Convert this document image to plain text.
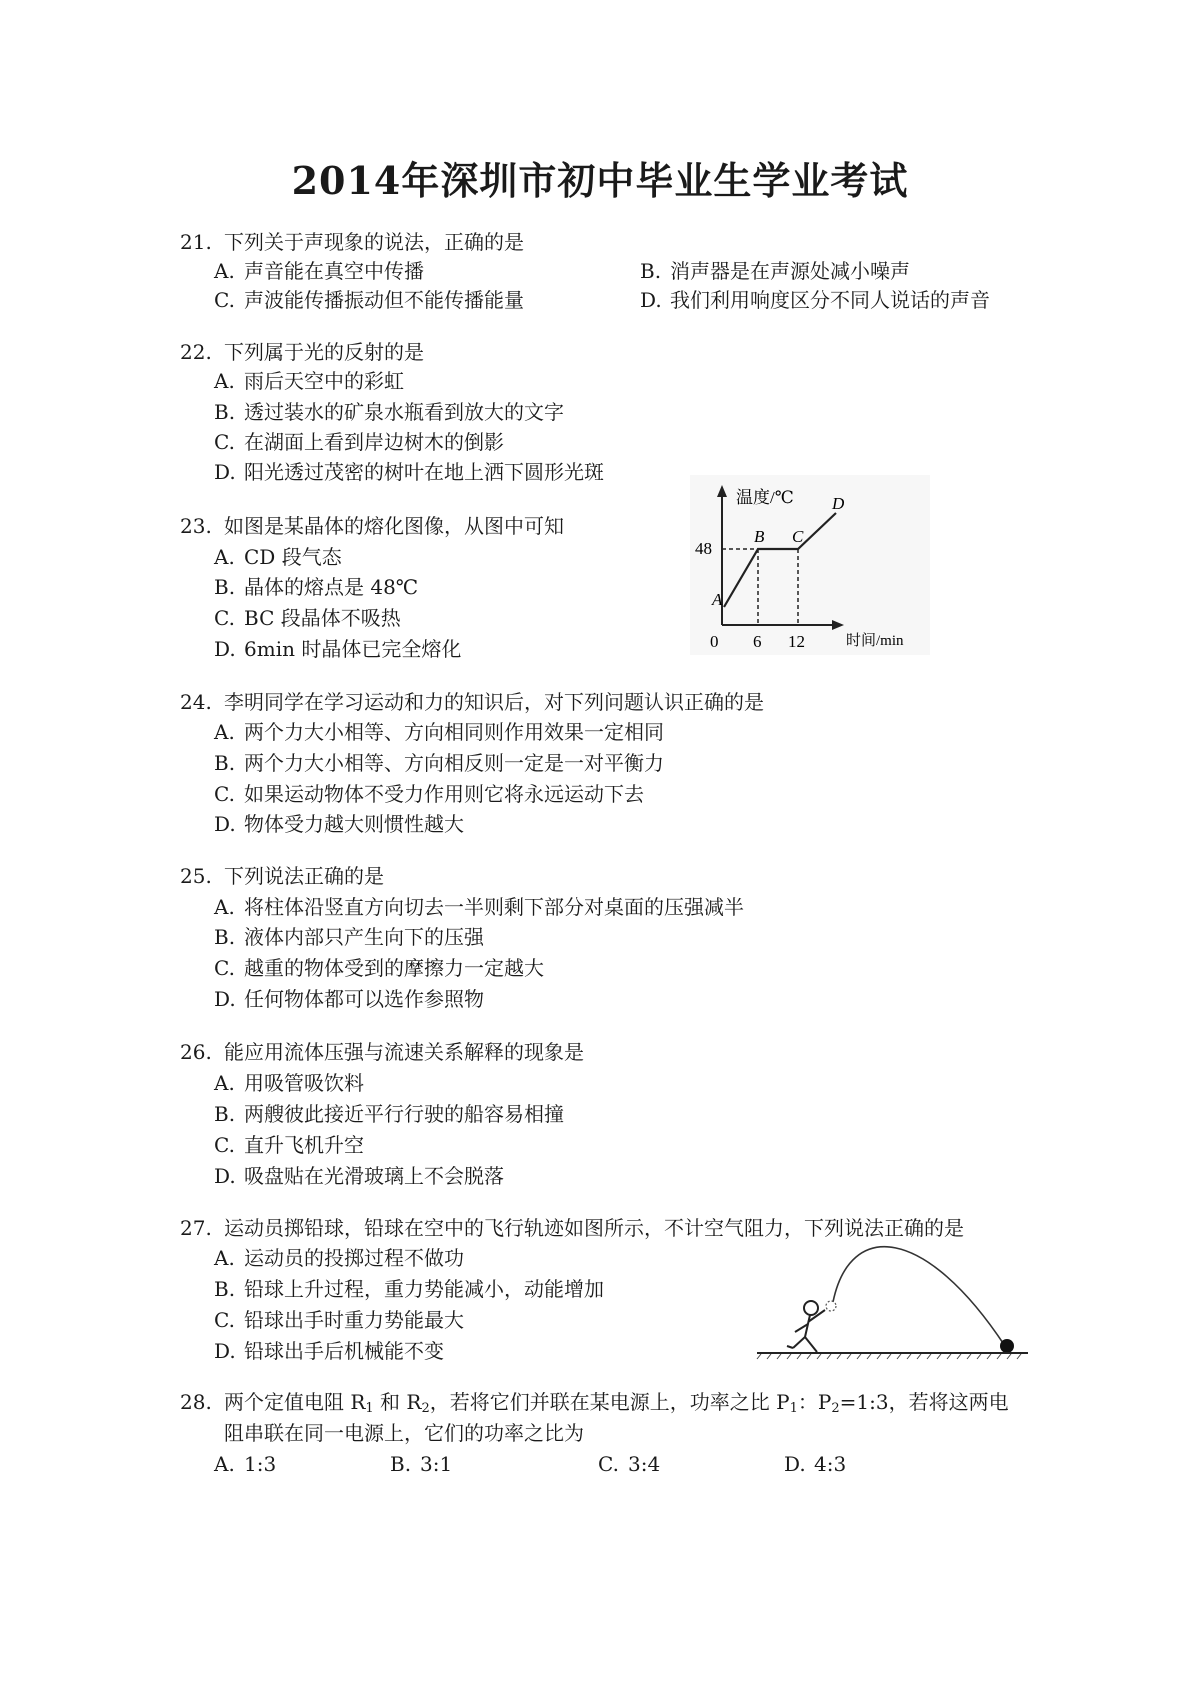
2014年深圳市初中毕业生学业考试
21. 下列关于声现象的说法，正确的是
A. 声音能在真空中传播	B. 消声器是在声源处减小噪声
C. 声波能传播振动但不能传播能量	D. 我们利用响度区分不同人说话的声音
22. 下列属于光的反射的是
A. 雨后天空中的彩虹
B. 透过装水的矿泉水瓶看到放大的文字
C. 在湖面上看到岸边树木的倒影
D. 阳光透过茂密的树叶在地上洒下圆形光斑
23. 如图是某晶体的熔化图像，从图中可知
A. CD 段气态
B. 晶体的熔点是 48℃
C. BC 段晶体不吸热
D. 6min 时晶体已完全熔化
温度/℃
时间/min
0
48
6 12
A
B C
D
24. 李明同学在学习运动和力的知识后，对下列问题认识正确的是
A. 两个力大小相等、方向相同则作用效果一定相同
B. 两个力大小相等、方向相反则一定是一对平衡力
C. 如果运动物体不受力作用则它将永远运动下去
D. 物体受力越大则惯性越大
25. 下列说法正确的是
A. 将柱体沿竖直方向切去一半则剩下部分对桌面的压强减半
B. 液体内部只产生向下的压强
C. 越重的物体受到的摩擦力一定越大
D. 任何物体都可以选作参照物
26. 能应用流体压强与流速关系解释的现象是
A. 用吸管吸饮料
B. 两艘彼此接近平行行驶的船容易相撞
C. 直升飞机升空
D. 吸盘贴在光滑玻璃上不会脱落
27. 运动员掷铅球，铅球在空中的飞行轨迹如图所示，不计空气阻力，下列说法正确的是
A. 运动员的投掷过程不做功
B. 铅球上升过程，重力势能减小，动能增加
C. 铅球出手时重力势能最大
D. 铅球出手后机械能不变
28. 两个定值电阻 $R_1$ 和 $R_2$，若将它们并联在某电源上，功率之比 $P_1$：$P_2=1:3$，若将这两电
阻串联在同一电源上，它们的功率之比为
A. 1:3	B. 3:1	C. 3:4	D. 4:3
